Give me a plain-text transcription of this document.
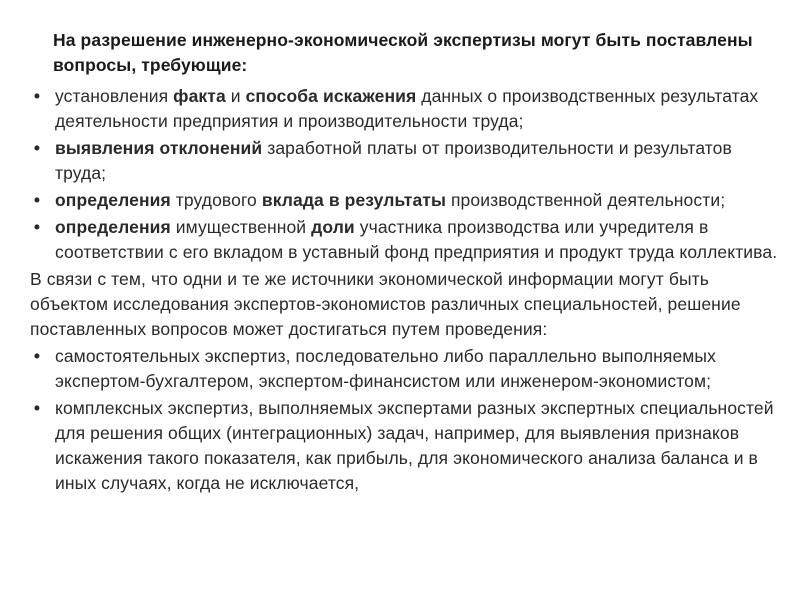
На разрешение инженерно-экономической экспертизы могут быть поставлены вопросы, требующие:
• установления факта и способа искажения данных о производственных результатах деятельности предприятия и производительности труда;
• выявления отклонений заработной платы от производительности и результатов труда;
• определения трудового вклада в результаты производственной деятельности;
• определения имущественной доли участника производства или учредителя в соответствии с его вкладом в уставный фонд предприятия и продукт труда коллектива.

В связи с тем, что одни и те же источники экономической информации могут быть объектом исследования экспертов-экономистов различных специальностей, решение поставленных вопросов может достигаться путем проведения:

• самостоятельных экспертиз, последовательно либо параллельно выполняемых экспертом-бухгалтером, экспертом-финансистом или инженером-экономистом;
• комплексных экспертиз, выполняемых экспертами разных экспертных специальностей для решения общих (интеграционных) задач, например, для выявления признаков искажения такого показателя, как прибыль, для экономического анализа баланса и в иных случаях, когда не исключается,
